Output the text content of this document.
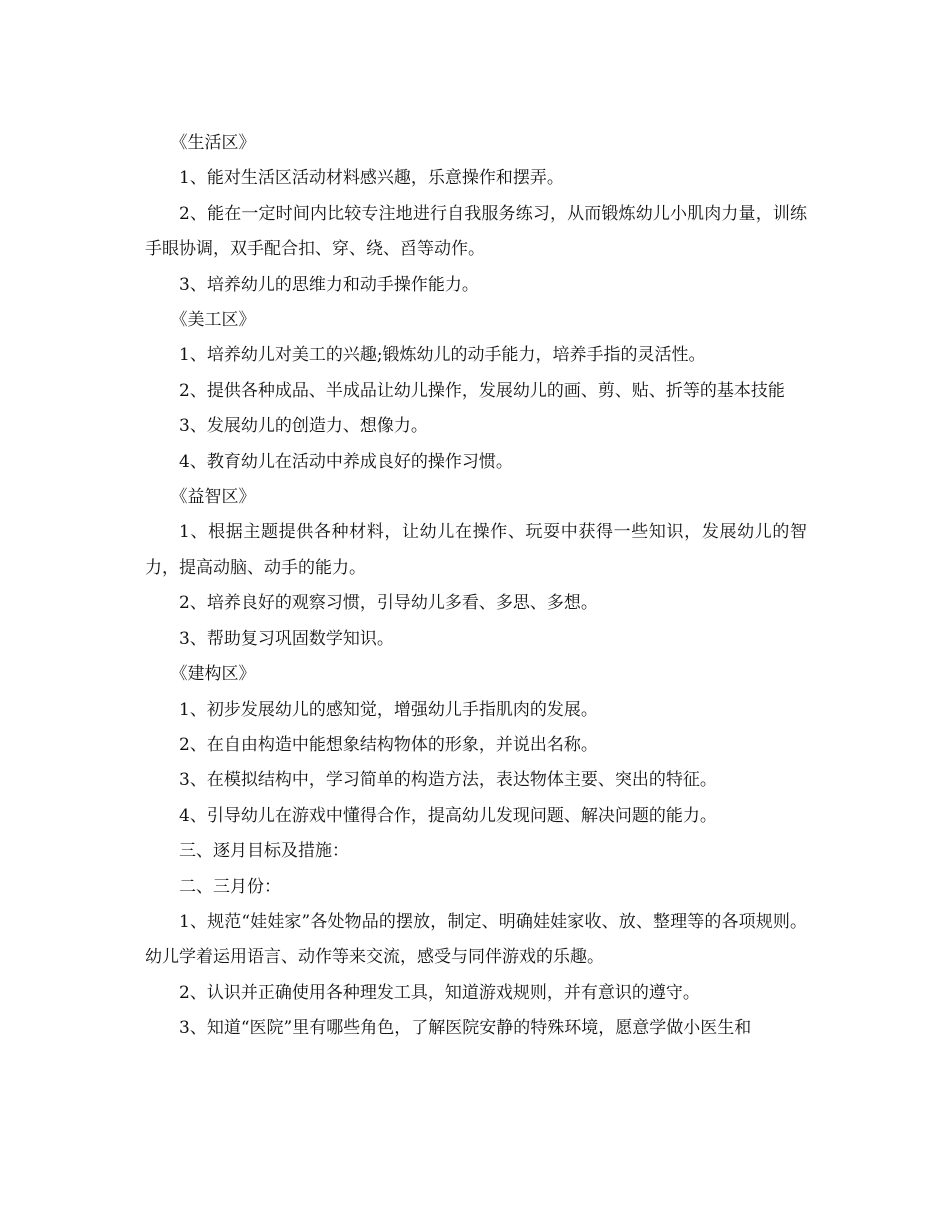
《生活区》

1、能对生活区活动材料感兴趣，乐意操作和摆弄。

2、能在一定时间内比较专注地进行自我服务练习，从而锻炼幼儿小肌肉力量，训练手眼协调，双手配合扣、穿、绕、舀等动作。

3、培养幼儿的思维力和动手操作能力。

《美工区》

1、培养幼儿对美工的兴趣;锻炼幼儿的动手能力，培养手指的灵活性。

2、提供各种成品、半成品让幼儿操作，发展幼儿的画、剪、贴、折等的基本技能

3、发展幼儿的创造力、想像力。

4、教育幼儿在活动中养成良好的操作习惯。

《益智区》

1、根据主题提供各种材料，让幼儿在操作、玩耍中获得一些知识，发展幼儿的智力，提高动脑、动手的能力。

2、培养良好的观察习惯，引导幼儿多看、多思、多想。

3、帮助复习巩固数学知识。

《建构区》

1、初步发展幼儿的感知觉，增强幼儿手指肌肉的发展。

2、在自由构造中能想象结构物体的形象，并说出名称。

3、在模拟结构中，学习简单的构造方法，表达物体主要、突出的特征。

4、引导幼儿在游戏中懂得合作，提高幼儿发现问题、解决问题的能力。

三、逐月目标及措施：

二、三月份：

1、规范“娃娃家”各处物品的摆放，制定、明确娃娃家收、放、整理等的各项规则。幼儿学着运用语言、动作等来交流，感受与同伴游戏的乐趣。

2、认识并正确使用各种理发工具，知道游戏规则，并有意识的遵守。

3、知道“医院”里有哪些角色，了解医院安静的特殊环境，愿意学做小医生和
